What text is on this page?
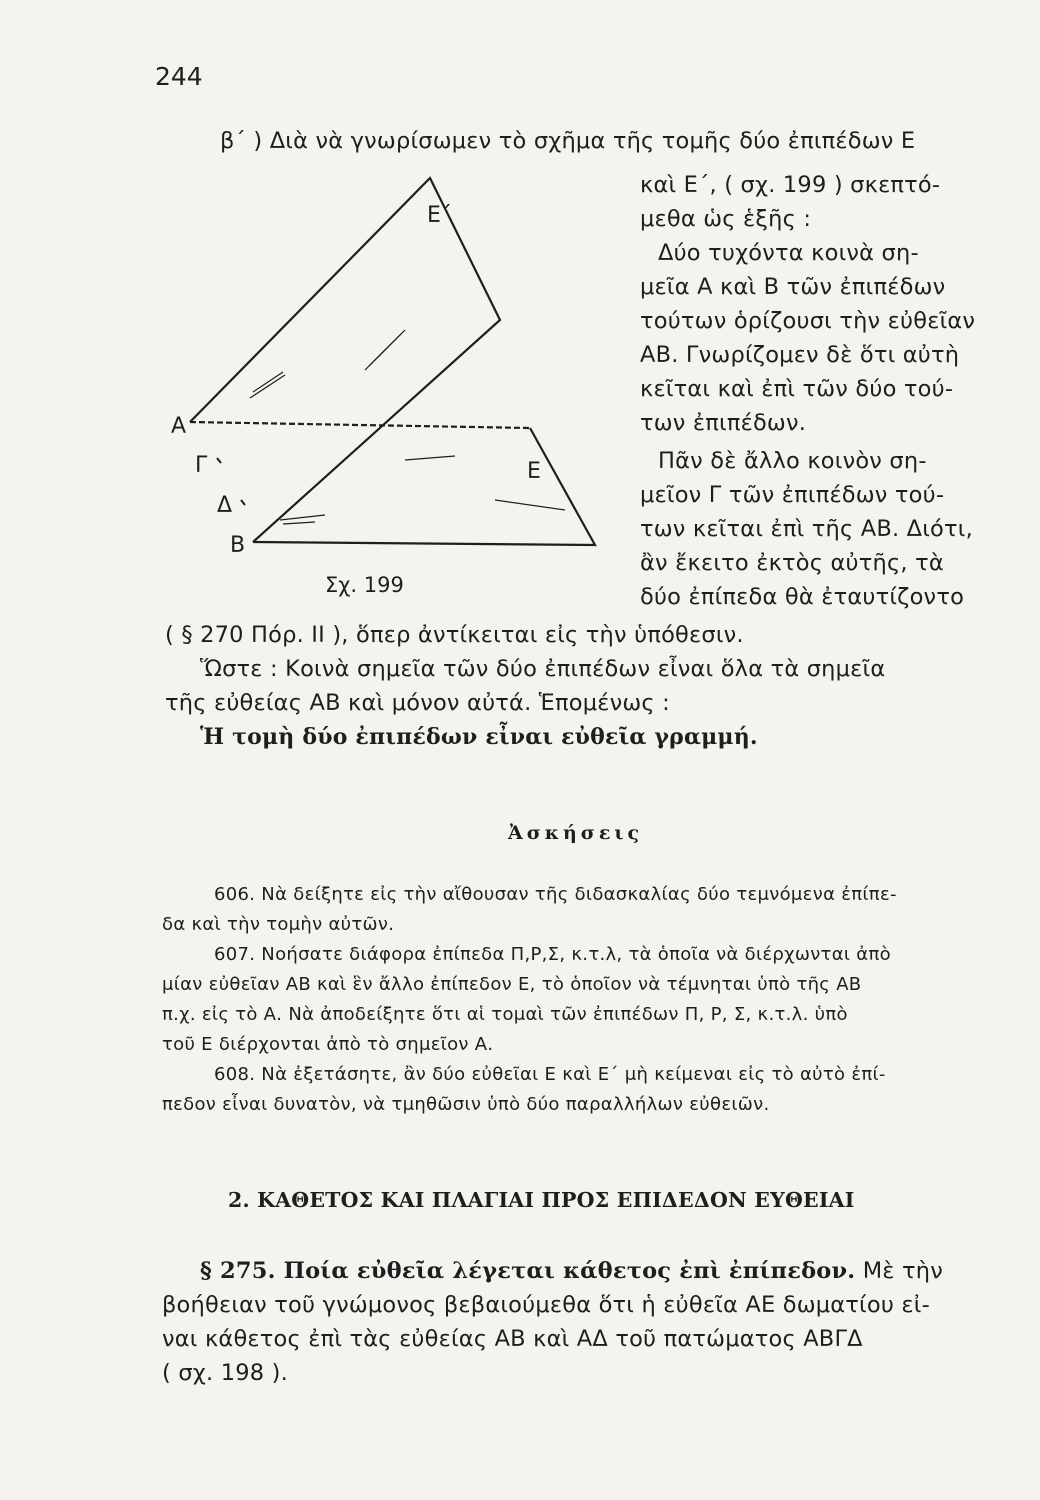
244
β΄ ) Διὰ νὰ γνωρίσωμεν τὸ σχῆμα τῆς τομῆς δύο ἐπιπέδων Ε
καὶ Ε΄, ( σχ. 199 ) σκεπτό-
μεθα ὡς ἑξῆς :
Δύο τυχόντα κοινὰ ση-
μεῖα Α καὶ Β τῶν ἐπιπέδων
τούτων ὁρίζουσι τὴν εὐθεῖαν
ΑΒ. Γνωρίζομεν δὲ ὅτι αὐτὴ
κεῖται καὶ ἐπὶ τῶν δύο τού-
των ἐπιπέδων.
Πᾶν δὲ ἄλλο κοινὸν ση-
μεῖον Γ τῶν ἐπιπέδων τού-
των κεῖται ἐπὶ τῆς ΑΒ. Διότι,
ἂν ἔκειτο ἐκτὸς αὐτῆς, τὰ
δύο ἐπίπεδα θὰ ἐταυτίζοντο
Ε΄
Ε
Α
Γ
Δ
Β
Σχ. 199
( § 270 Πόρ. ΙΙ ), ὅπερ ἀντίκειται εἰς τὴν ὑπόθεσιν.
Ὥστε : Κοινὰ σημεῖα τῶν δύο ἐπιπέδων εἶναι ὅλα τὰ σημεῖα
τῆς εὐθείας ΑΒ καὶ μόνον αὐτά. Ἑπομένως :
Ἡ τομὴ δύο ἐπιπέδων εἶναι εὐθεῖα γραμμή.
Ἀσκήσεις
606. Νὰ δείξητε εἰς τὴν αἴθουσαν τῆς διδασκαλίας δύο τεμνόμενα ἐπίπε-
δα καὶ τὴν τομὴν αὐτῶν.
607. Νοήσατε διάφορα ἐπίπεδα Π,Ρ,Σ, κ.τ.λ, τὰ ὁποῖα νὰ διέρχωνται ἀπὸ
μίαν εὐθεῖαν ΑΒ καὶ ἓν ἄλλο ἐπίπεδον Ε, τὸ ὁποῖον νὰ τέμνηται ὑπὸ τῆς ΑΒ
π.χ. εἰς τὸ Α. Νὰ ἀποδείξητε ὅτι αἱ τομαὶ τῶν ἐπιπέδων Π, Ρ, Σ, κ.τ.λ. ὑπὸ
τοῦ Ε διέρχονται ἀπὸ τὸ σημεῖον Α.
608. Νὰ ἐξετάσητε, ἂν δύο εὐθεῖαι Ε καὶ Ε΄ μὴ κείμεναι εἰς τὸ αὐτὸ ἐπί-
πεδον εἶναι δυνατὸν, νὰ τμηθῶσιν ὑπὸ δύο παραλλήλων εὐθειῶν.
2. ΚΑΘΕΤΟΣ ΚΑΙ ΠΛΑΓΙΑΙ ΠΡΟΣ ΕΠΙΔΕΔΟΝ ΕΥΘΕΙΑΙ
§ 275. Ποία εὐθεῖα λέγεται κάθετος ἐπὶ ἐπίπεδον. Μὲ τὴν
βοήθειαν τοῦ γνώμονος βεβαιούμεθα ὅτι ἡ εὐθεῖα ΑΕ δωματίου εἰ-
ναι κάθετος ἐπὶ τὰς εὐθείας ΑΒ καὶ ΑΔ τοῦ πατώματος ΑΒΓΔ
( σχ. 198 ).
